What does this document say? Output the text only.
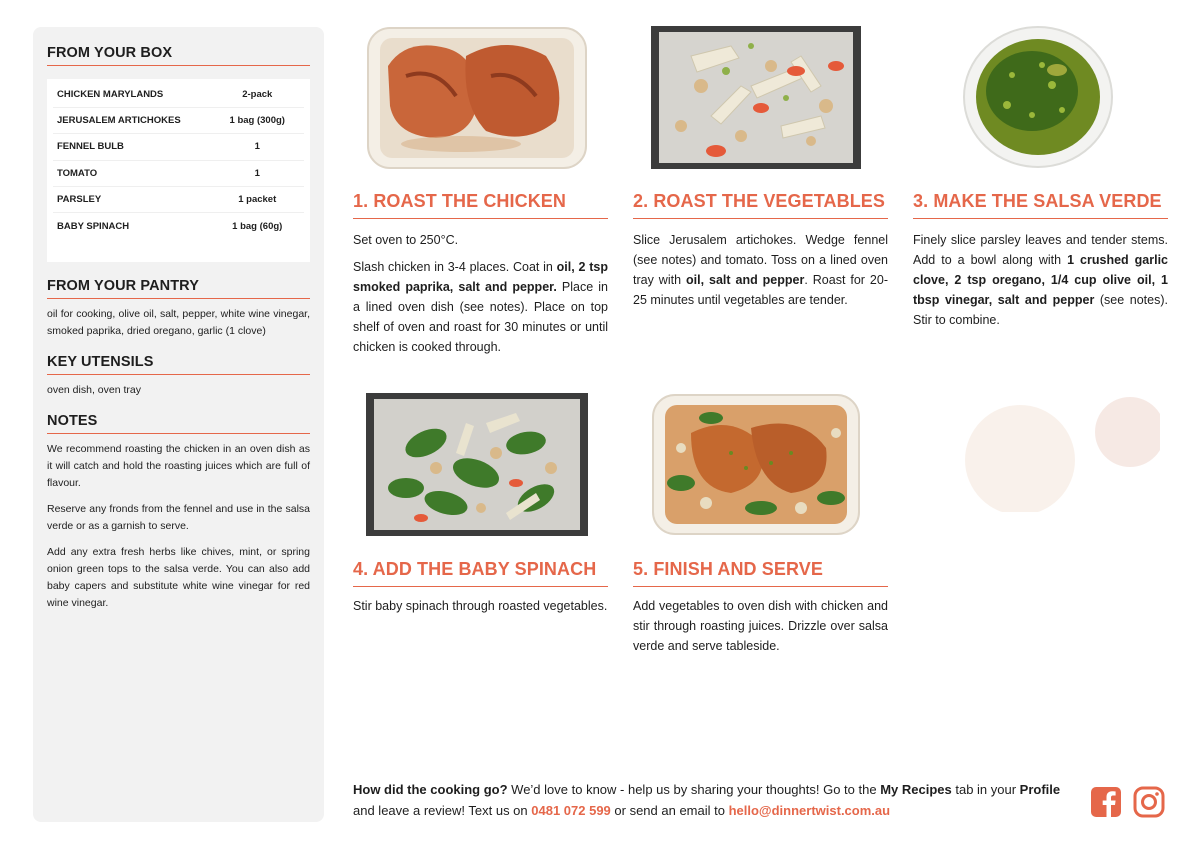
FROM YOUR BOX
CHICKEN MARYLANDS	2-pack
JERUSALEM ARTICHOKES	1 bag (300g)
FENNEL BULB	1
TOMATO	1
PARSLEY	1 packet
BABY SPINACH	1 bag (60g)
FROM YOUR PANTRY
oil for cooking, olive oil, salt, pepper, white wine vinegar, smoked paprika, dried oregano, garlic (1 clove)
KEY UTENSILS
oven dish, oven tray
NOTES
We recommend roasting the chicken in an oven dish as it will catch and hold the roasting juices which are full of flavour.
Reserve any fronds from the fennel and use in the salsa verde or as a garnish to serve.
Add any extra fresh herbs like chives, mint, or spring onion green tops to the salsa verde. You can also add baby capers and substitute white wine vinegar for red wine vinegar.
1. ROAST THE CHICKEN

Set oven to 250°C.

Slash chicken in 3-4 places. Coat in oil, 2 tsp smoked paprika, salt and pepper. Place in a lined oven dish (see notes). Place on top shelf of oven and roast for 30 minutes or until chicken is cooked through.

2. ROAST THE VEGETABLES

Slice Jerusalem artichokes. Wedge fennel (see notes) and tomato. Toss on a lined oven tray with oil, salt and pepper. Roast for 20-25 minutes until vegetables are tender.

3. MAKE THE SALSA VERDE

Finely slice parsley leaves and tender stems. Add to a bowl along with 1 crushed garlic clove, 2 tsp oregano, 1/4 cup olive oil, 1 tbsp vinegar, salt and pepper (see notes). Stir to combine.

4. ADD THE BABY SPINACH

Stir baby spinach through roasted vegetables.

5. FINISH AND SERVE

Add vegetables to oven dish with chicken and stir through roasting juices. Drizzle over salsa verde and serve tableside.

How did the cooking go? We’d love to know - help us by sharing your thoughts! Go to the My Recipes tab in your Profile and leave a review! Text us on 0481 072 599 or send an email to hello@dinnertwist.com.au
